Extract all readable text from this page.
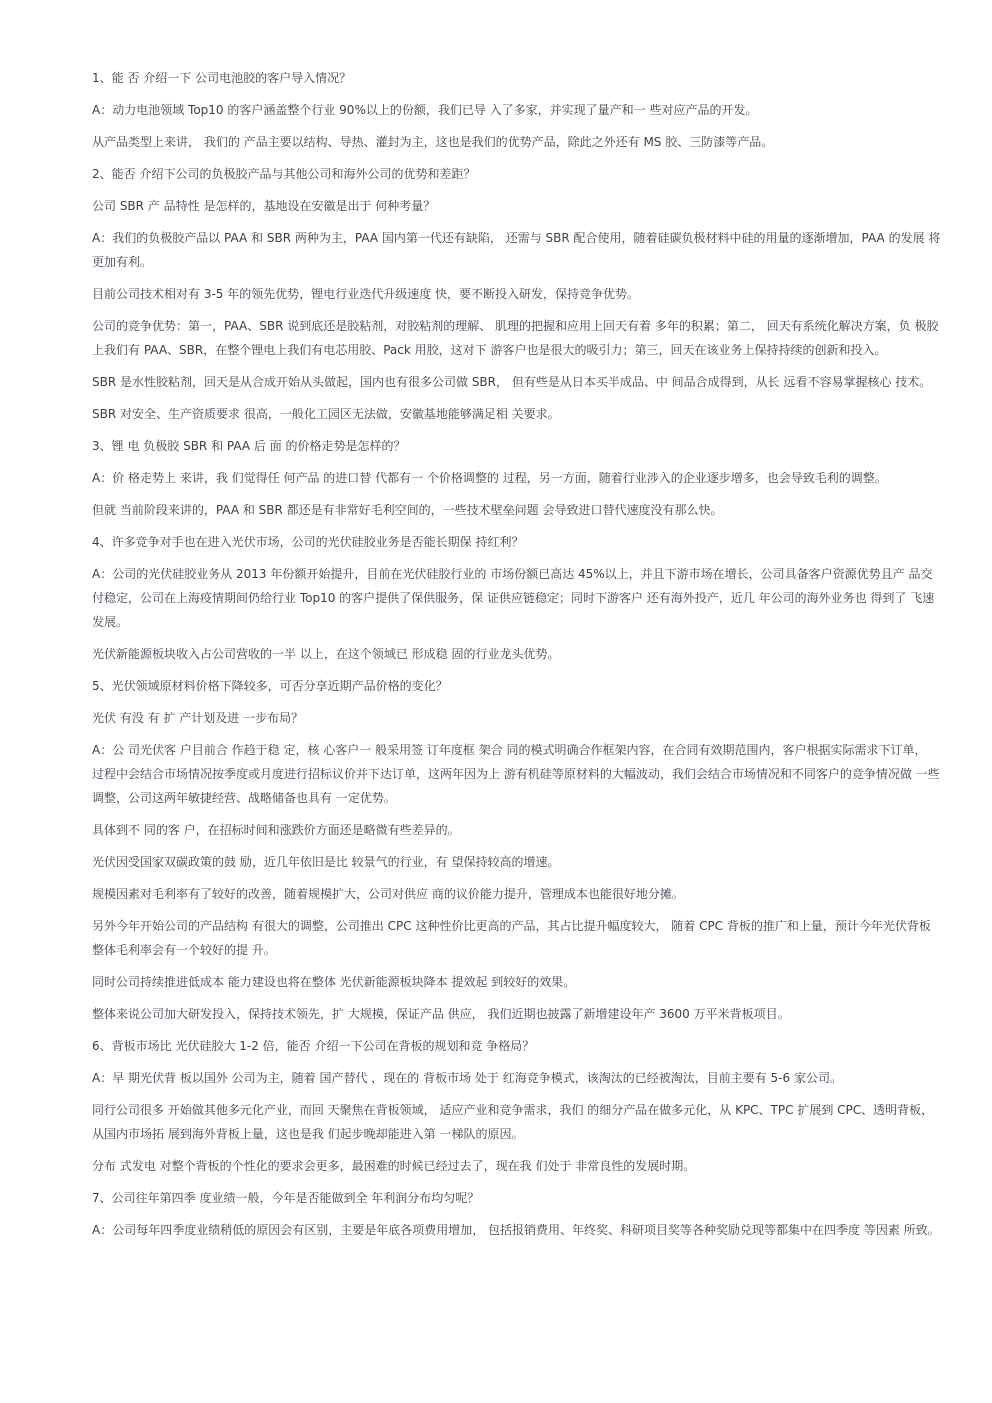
1、能 否 介绍一下 公司电池胶的客户导入情况？

A：动力电池领域 Top10 的客户涵盖整个行业 90%以上的份额，我们已导 入了多家，并实现了量产和一 些对应产品的开发。

从产品类型上来讲， 我们的 产品主要以结构、导热、灌封为主，这也是我们的优势产品，除此之外还有 MS 胶、三防漆等产品。

2、能否 介绍下公司的负极胶产品与其他公司和海外公司的优势和差距？

公司 SBR 产 品特性 是怎样的，基地设在安徽是出于 何种考量？

A：我们的负极胶产品以 PAA 和 SBR 两种为主，PAA 国内第一代还有缺陷， 还需与 SBR 配合使用，随着硅碳负极材料中硅的用量的逐渐增加，PAA 的发展 将更加有利。

目前公司技术相对有 3-5 年的领先优势，锂电行业迭代升级速度 快，要不断投入研发，保持竞争优势。

公司的竞争优势：第一，PAA、SBR 说到底还是胶粘剂，对胶粘剂的理解、 肌理的把握和应用上回天有着 多年的积累；第二， 回天有系统化解决方案，负 极胶上我们有 PAA、SBR，在整个锂电上我们有电芯用胶、Pack 用胶，这对下 游客户也是很大的吸引力；第三，回天在该业务上保持持续的创新和投入。

SBR 是水性胶粘剂，回天是从合成开始从头做起，国内也有很多公司做 SBR， 但有些是从日本买半成品、中 间品合成得到，从长 远看不容易掌握核心 技术。

SBR 对安全、生产资质要求 很高，一般化工园区无法做，安徽基地能够满足相 关要求。

3、锂 电 负极胶 SBR 和 PAA 后 面 的价格走势是怎样的？

A：价 格走势上 来讲，我 们觉得任 何产品 的进口替 代都有一 个价格调整的 过程，另一方面，随着行业涉入的企业逐步增多，也会导致毛利的调整。

但就 当前阶段来讲的，PAA 和 SBR 都还是有非常好毛利空间的，一些技术壁垒问题 会导致进口替代速度没有那么快。

4、许多竞争对手也在进入光伏市场，公司的光伏硅胶业务是否能长期保 持红利？

A：公司的光伏硅胶业务从 2013 年份额开始提升，目前在光伏硅胶行业的 市场份额已高达 45%以上，并且下游市场在增长，公司具备客户资源优势且产 品交付稳定，公司在上海疫情期间仍给行业 Top10 的客户提供了保供服务，保 证供应链稳定；同时下游客户 还有海外投产，近几 年公司的海外业务也 得到了 飞速发展。

光伏新能源板块收入占公司营收的一半 以上，在这个领域已 形成稳 固的行业龙头优势。

5、光伏领域原材料价格下降较多，可否分享近期产品价格的变化？

光伏 有没 有 扩 产计划及进 一步布局？

A：公 司光伏客 户目前合 作趋于稳 定，核 心客户一 般采用签 订年度框 架合 同的模式明确合作框架内容，在合同有效期范围内，客户根据实际需求下订单， 过程中会结合市场情况按季度或月度进行招标议价并下达订单，这两年因为上 游有机硅等原材料的大幅波动，我们会结合市场情况和不同客户的竞争情况做 一些调整，公司这两年敏捷经营、战略储备也具有 一定优势。

具体到不 同的客 户，在招标时间和涨跌价方面还是略微有些差异的。

光伏因受国家双碳政策的鼓 励，近几年依旧是比 较景气的行业，有 望保持较高的增速。

规模因素对毛利率有了较好的改善，随着规模扩大，公司对供应 商的议价能力提升，管理成本也能很好地分摊。

另外今年开始公司的产品结构 有很大的调整，公司推出 CPC 这种性价比更高的产品，其占比提升幅度较大， 随着 CPC 背板的推广和上量，预计今年光伏背板整体毛利率会有一个较好的提 升。

同时公司持续推进低成本 能力建设也将在整体 光伏新能源板块降本 提效起 到较好的效果。

整体来说公司加大研发投入，保持技术领先，扩 大规模，保证产品 供应， 我们近期也披露了新增建设年产 3600 万平米背板项目。

6、背板市场比 光伏硅胶大 1-2 倍，能否 介绍一下公司在背板的规划和竞 争格局？

A：早 期光伏背 板以国外 公司为主，随着 国产替代 ，现在的 背板市场 处于 红海竞争模式，该淘汰的已经被淘汰，目前主要有 5-6 家公司。

同行公司很多 开始做其他多元化产业，而回 天聚焦在背板领域， 适应产业和竞争需求，我们 的细分产品在做多元化，从 KPC、TPC 扩展到 CPC、透明背板，从国内市场拓 展到海外背板上量，这也是我 们起步晚却能进入第 一梯队的原因。

分布 式发电 对整个背板的个性化的要求会更多，最困难的时候已经过去了，现在我 们处于 非常良性的发展时期。

7、公司往年第四季 度业绩一般，今年是否能做到全 年利润分布均匀呢？

A：公司每年四季度业绩稍低的原因会有区别，主要是年底各项费用增加， 包括报销费用、年终奖、科研项目奖等各种奖励兑现等都集中在四季度 等因素 所致。
